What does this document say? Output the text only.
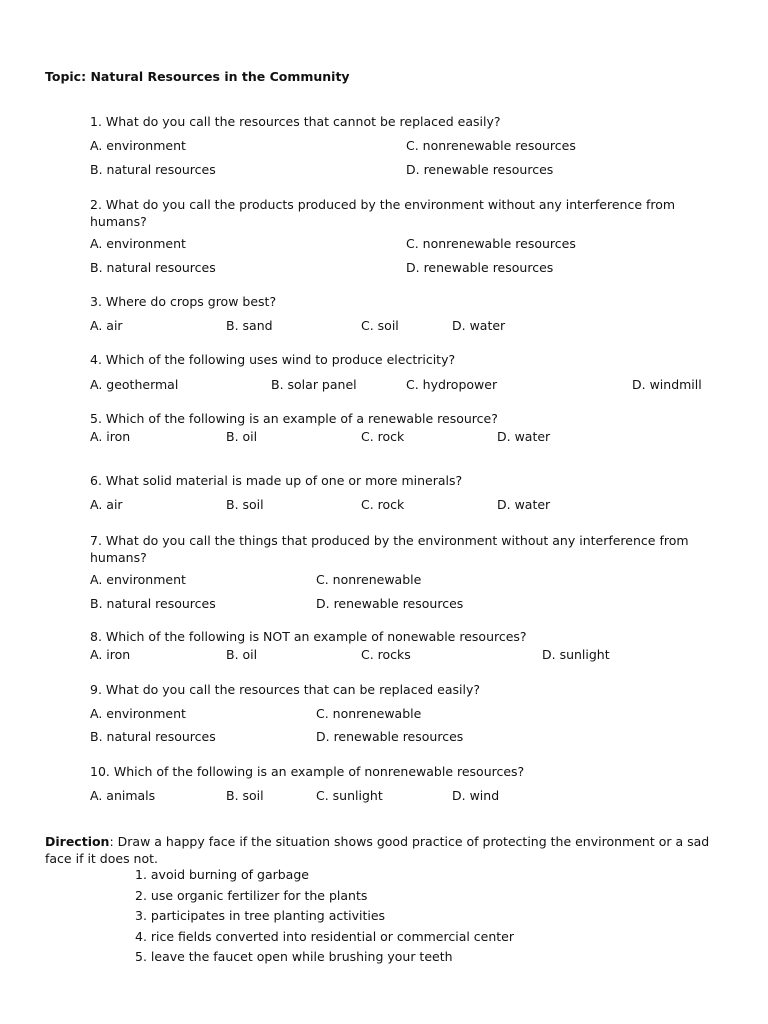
Topic: Natural Resources in the Community
1. What do you call the resources that cannot be replaced easily?
A. environment	C. nonrenewable resources
B. natural resources	D. renewable resources
2. What do you call the products produced by the environment without any interference from humans?
A. environment	C. nonrenewable resources
B. natural resources	D. renewable resources
3. Where do crops grow best?
A. air	B. sand	C. soil	D. water
4. Which of the following uses wind to produce electricity?
A. geothermal	B. solar panel	C. hydropower	D. windmill
5. Which of the following is an example of a renewable resource?
A. iron	B. oil	C. rock	D. water
6. What solid material is made up of one or more minerals?
A. air	B. soil	C. rock	D. water
7. What do you call the things that produced by the environment without any interference from humans?
A. environment	C. nonrenewable
B. natural resources	D. renewable resources
8. Which of the following is NOT an example of nonewable resources?
A. iron	B. oil	C. rocks	D. sunlight
9. What do you call the resources that can be replaced easily?
A. environment	C. nonrenewable
B. natural resources	D. renewable resources
10. Which of the following is an example of nonrenewable resources?
A. animals	B. soil	C. sunlight	D. wind
Direction: Draw a happy face if the situation shows good practice of protecting the environment or a sad face if it does not.
1. avoid burning of garbage
2. use organic fertilizer for the plants
3. participates in tree planting activities
4. rice fields converted into residential or commercial center
5. leave the faucet open while brushing your teeth
